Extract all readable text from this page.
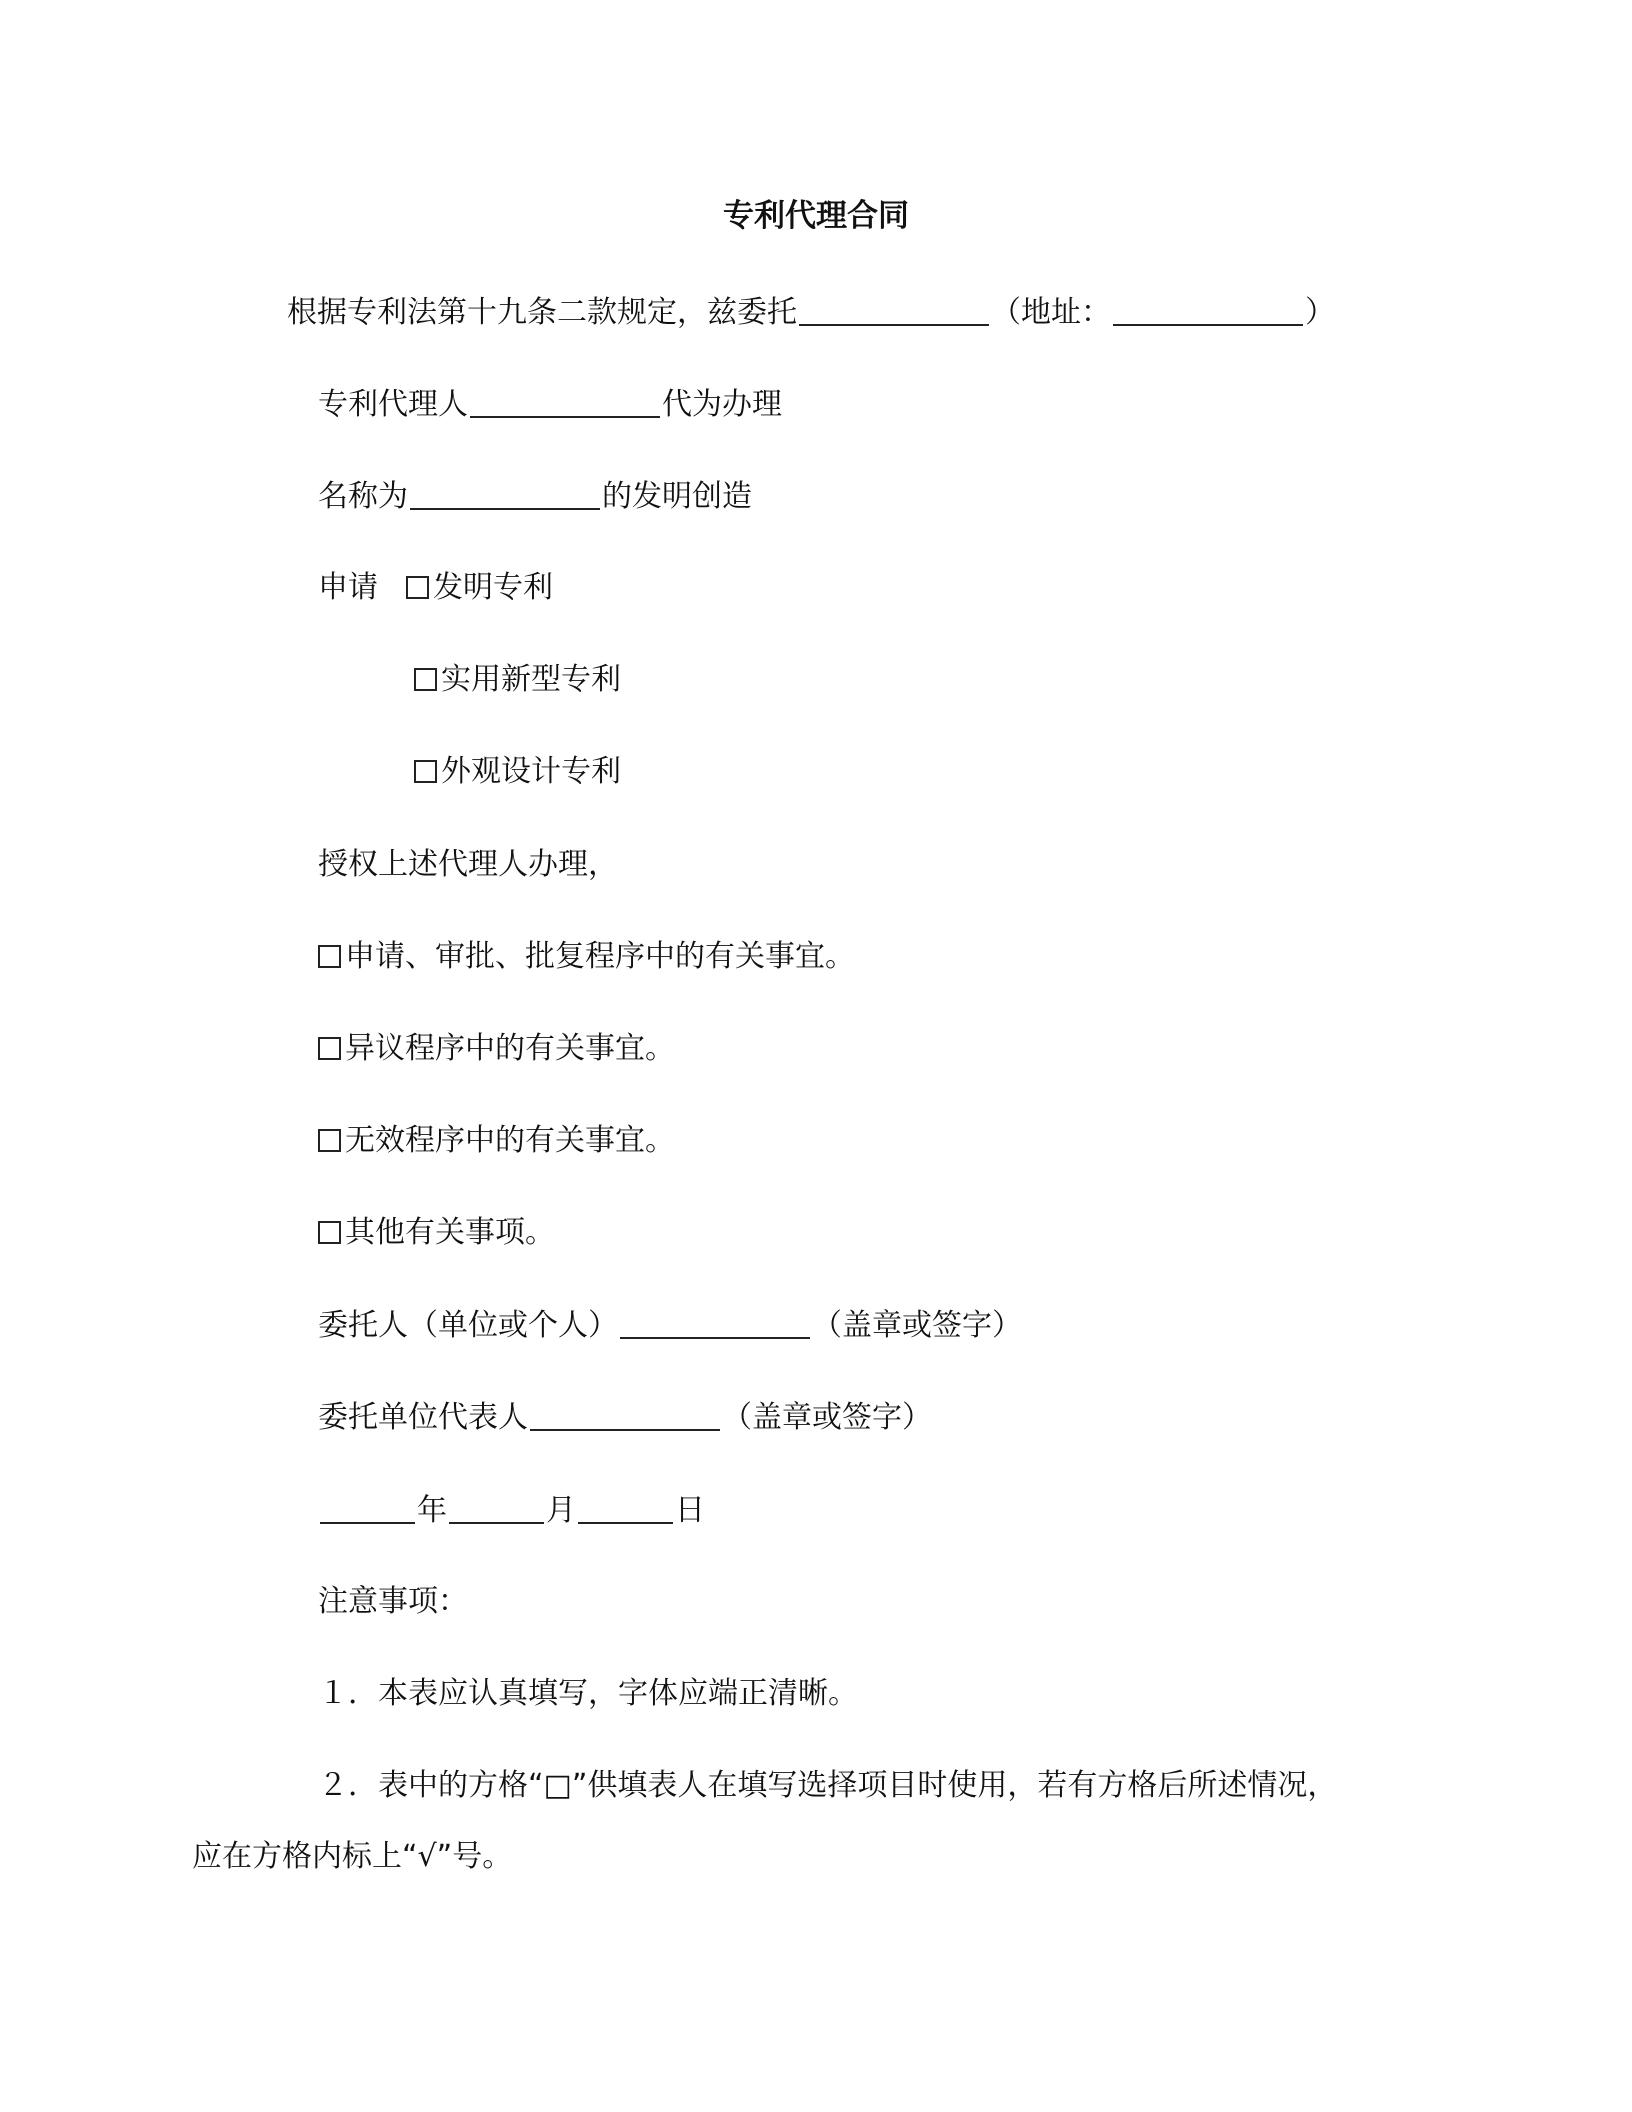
专利代理合同
根据专利法第十九条二款规定，兹委托	（地址：	）
专利代理人	代为办理
名称为	的发明创造
申请 发明专利
实用新型专利
外观设计专利
授权上述代理人办理，
申请、审批、批复程序中的有关事宜。
异议程序中的有关事宜。
无效程序中的有关事宜。
其他有关事项。
委托人（单位或个人）	（盖章或签字）
委托单位代表人	（盖章或签字）
年	月	日
注意事项：
１．本表应认真填写，字体应端正清晰。
２．表中的方格“□”供填表人在填写选择项目时使用，若有方格后所述情况，
应在方格内标上“√”号。
